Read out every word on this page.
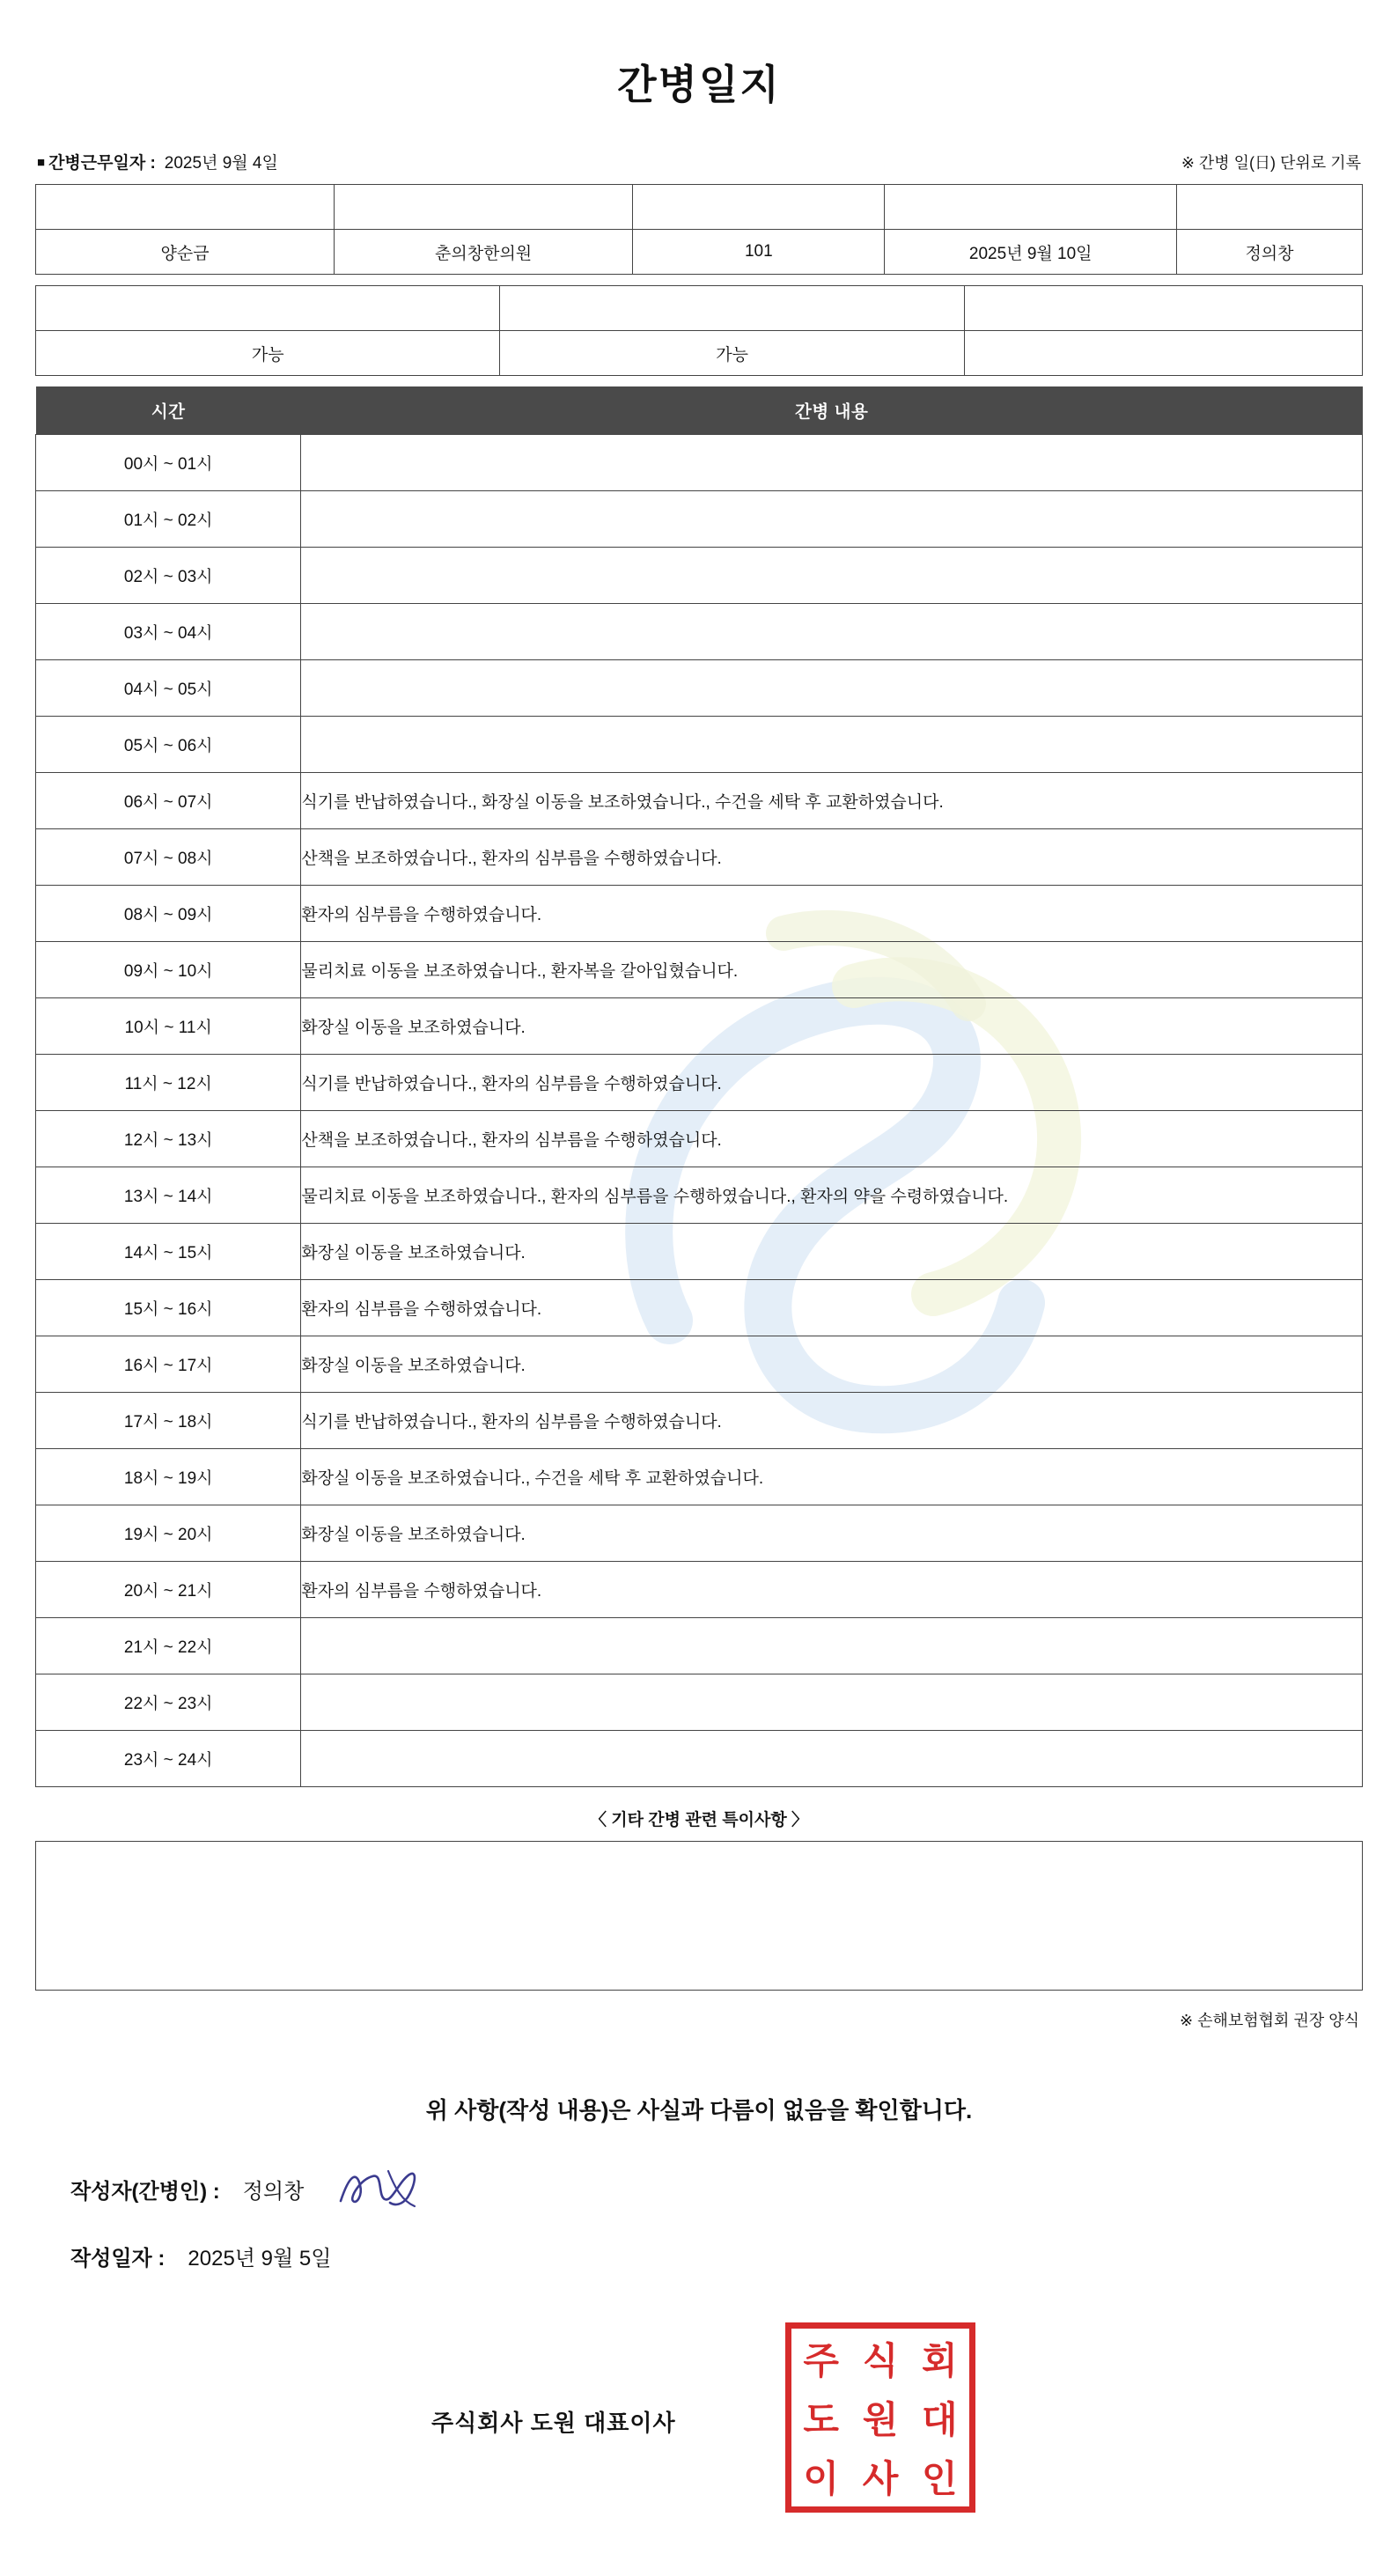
간병일지
■ 간병근무일자 : 2025년 9월 4일	※ 간병 일(日) 단위로 기록
환자성명	의료기관	병실호수	입원날짜	간병인명
양순금	춘의창한의원	101	2025년 9월 10일	정의창
자가 보행	음식 경구 섭취	체내 관 삽입
가능	가능	
시간	간병 내용
00시 ~ 01시	
01시 ~ 02시	
02시 ~ 03시	
03시 ~ 04시	
04시 ~ 05시	
05시 ~ 06시	
06시 ~ 07시	식기를 반납하였습니다., 화장실 이동을 보조하였습니다., 수건을 세탁 후 교환하였습니다.
07시 ~ 08시	산책을 보조하였습니다., 환자의 심부름을 수행하였습니다.
08시 ~ 09시	환자의 심부름을 수행하였습니다.
09시 ~ 10시	물리치료 이동을 보조하였습니다., 환자복을 갈아입혔습니다.
10시 ~ 11시	화장실 이동을 보조하였습니다.
11시 ~ 12시	식기를 반납하였습니다., 환자의 심부름을 수행하였습니다.
12시 ~ 13시	산책을 보조하였습니다., 환자의 심부름을 수행하였습니다.
13시 ~ 14시	물리치료 이동을 보조하였습니다., 환자의 심부름을 수행하였습니다., 환자의 약을 수령하였습니다.
14시 ~ 15시	화장실 이동을 보조하였습니다.
15시 ~ 16시	환자의 심부름을 수행하였습니다.
16시 ~ 17시	화장실 이동을 보조하였습니다.
17시 ~ 18시	식기를 반납하였습니다., 환자의 심부름을 수행하였습니다.
18시 ~ 19시	화장실 이동을 보조하였습니다., 수건을 세탁 후 교환하였습니다.
19시 ~ 20시	화장실 이동을 보조하였습니다.
20시 ~ 21시	환자의 심부름을 수행하였습니다.
21시 ~ 22시	
22시 ~ 23시	
23시 ~ 24시	
〈 기타 간병 관련 특이사항 〉
※ 손해보험협회 권장 양식
위 사항(작성 내용)은 사실과 다름이 없음을 확인합니다.
작성자(간병인) : 정의창
작성일자 : 2025년 9월 5일
주식회사 도원 대표이사
주 식 회
도 원 대
이 사 인
